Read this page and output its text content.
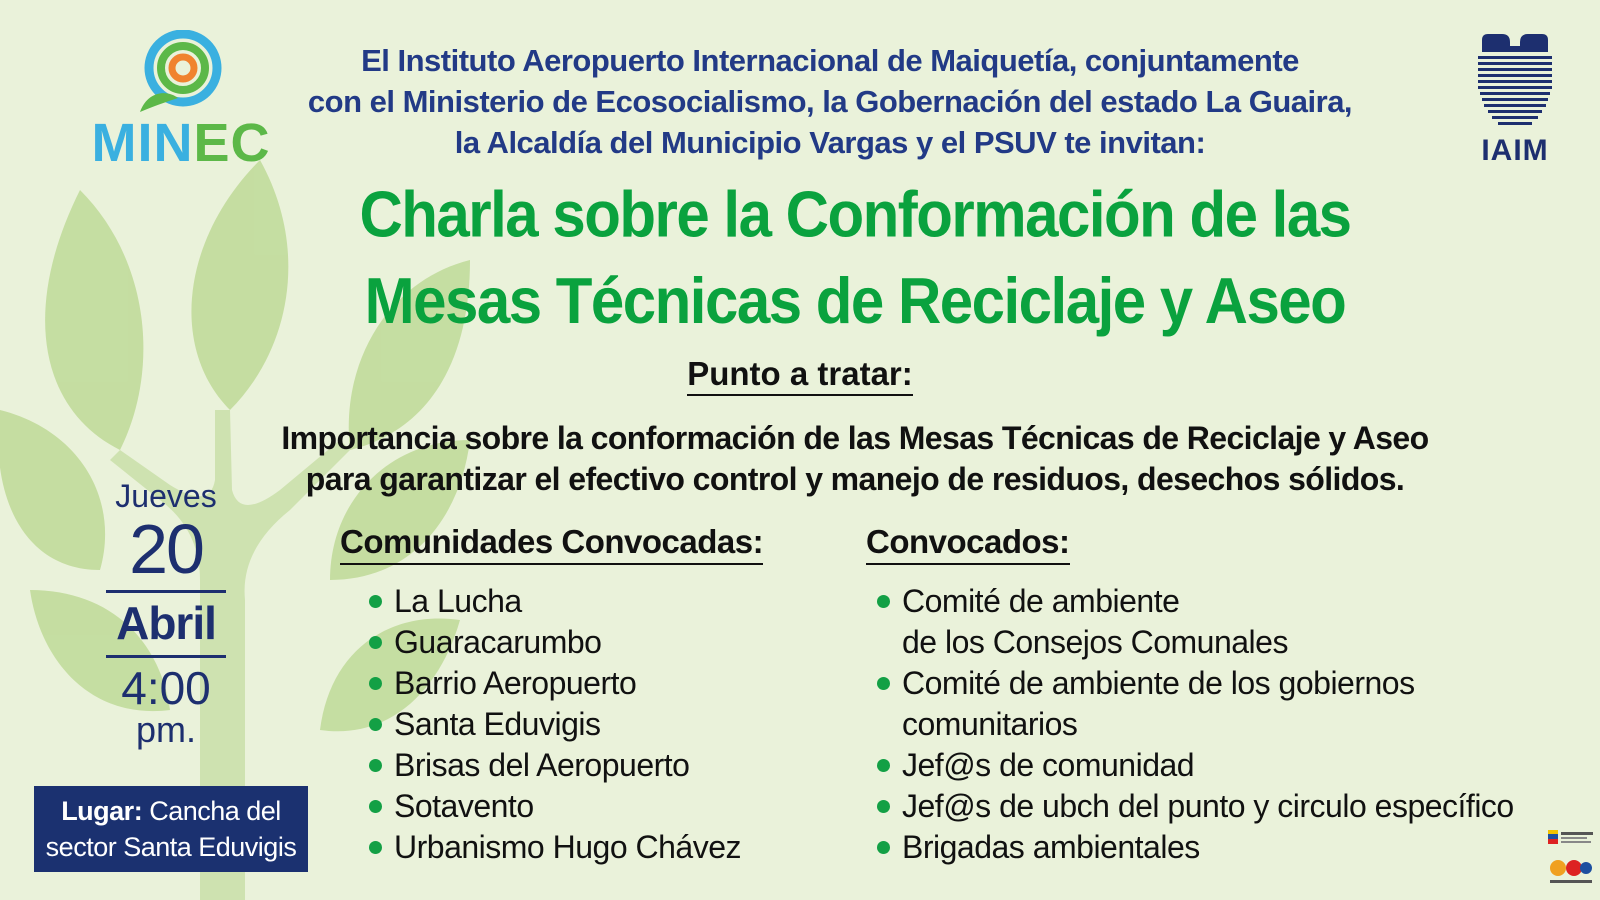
MINEC	IAIM
El Instituto Aeropuerto Internacional de Maiquetía, conjuntamente
con el Ministerio de Ecosocialismo, la Gobernación del estado La Guaira,
la Alcaldía del Municipio Vargas y el PSUV te invitan:
Charla sobre la Conformación de las
Mesas Técnicas de Reciclaje y Aseo
Punto a tratar:
Importancia sobre la conformación de las Mesas Técnicas de Reciclaje y Aseo
para garantizar el efectivo control y manejo de residuos, desechos sólidos.
Jueves
20
Abril
4:00
pm.
Lugar: Cancha del
sector Santa Eduvigis
Comunidades Convocadas:
La Lucha
Guaracarumbo
Barrio Aeropuerto
Santa Eduvigis
Brisas del Aeropuerto
Sotavento
Urbanismo Hugo Chávez
Convocados:
Comité de ambiente
de los Consejos Comunales
Comité de ambiente de los gobiernos
comunitarios
Jef@s de comunidad
Jef@s de ubch del punto y circulo específico
Brigadas ambientales
